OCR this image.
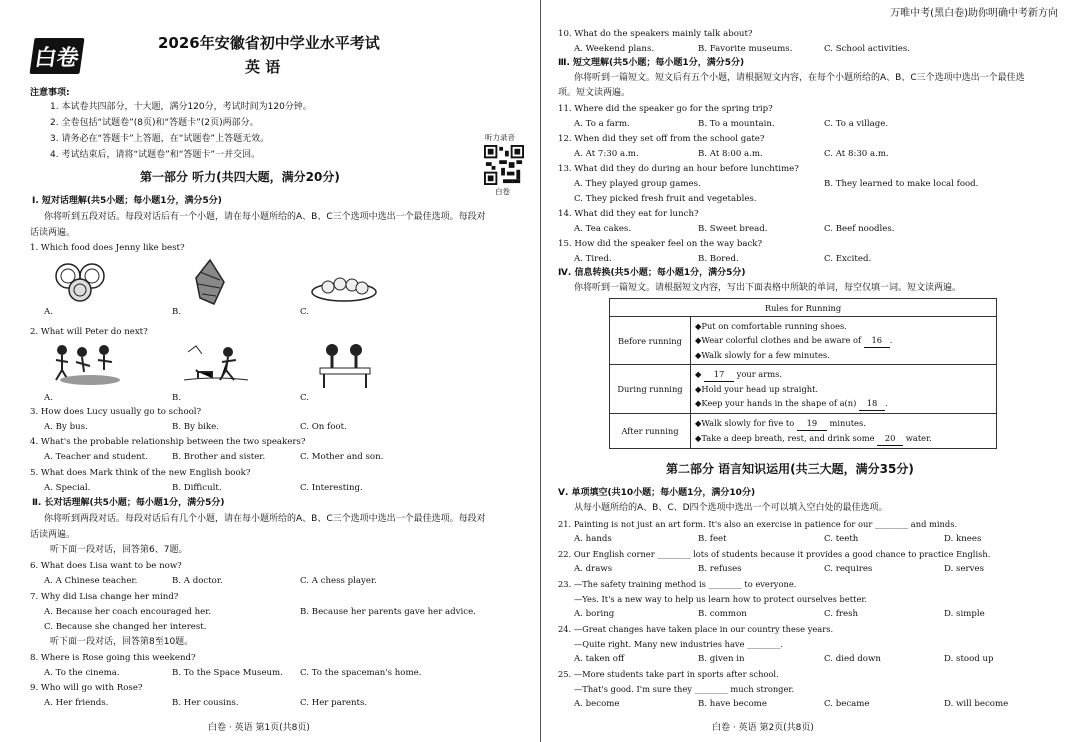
万唯中考(黑白卷)助你明确中考新方向
白卷
2026年安徽省初中学业水平考试
英 语
注意事项:
1. 本试卷共四部分，十大题，满分120分，考试时间为120分钟。
2. 全卷包括“试题卷”(8页)和“答题卡”(2页)两部分。
3. 请务必在“答题卡”上答题，在“试题卷”上答题无效。
4. 考试结束后，请将“试题卷”和“答题卡”一并交回。
听力录音
白卷
第一部分 听力(共四大题，满分20分)
Ⅰ. 短对话理解(共5小题；每小题1分，满分5分)
你将听到五段对话。每段对话后有一个小题，请在每小题所给的A、B、C三个选项中选出一个最佳选项。每段对
话读两遍。
1. Which food does Jenny like best?
A.	B.	C.
2. What will Peter do next?
A.	B.	C.
3. How does Lucy usually go to school?
A. By bus.	B. By bike.	C. On foot.
4. What's the probable relationship between the two speakers?
A. Teacher and student.	B. Brother and sister.	C. Mother and son.
5. What does Mark think of the new English book?
A. Special.	B. Difficult.	C. Interesting.
Ⅱ. 长对话理解(共5小题；每小题1分，满分5分)
你将听到两段对话。每段对话后有几个小题，请在每小题所给的A、B、C三个选项中选出一个最佳选项。每段对
话读两遍。
听下面一段对话，回答第6、7题。
6. What does Lisa want to be now?
A. A Chinese teacher.	B. A doctor.	C. A chess player.
7. Why did Lisa change her mind?
A. Because her coach encouraged her.	B. Because her parents gave her advice.
C. Because she changed her interest.
听下面一段对话，回答第8至10题。
8. Where is Rose going this weekend?
A. To the cinema.	B. To the Space Museum. C. To the spaceman's home.
9. Who will go with Rose?
A. Her friends.	B. Her cousins.	C. Her parents.
白卷 · 英语 第1页(共8页)
10. What do the speakers mainly talk about?
A. Weekend plans.	B. Favorite museums.	C. School activities.
Ⅲ. 短文理解(共5小题；每小题1分，满分5分)
你将听到一篇短文。短文后有五个小题，请根据短文内容，在每个小题所给的A、B、C三个选项中选出一个最佳选
项。短文读两遍。
11. Where did the speaker go for the spring trip?
A. To a farm.	B. To a mountain.	C. To a village.
12. When did they set off from the school gate?
A. At 7:30 a.m.	B. At 8:00 a.m.	C. At 8:30 a.m.
13. What did they do during an hour before lunchtime?
A. They played group games.	B. They learned to make local food.
C. They picked fresh fruit and vegetables.
14. What did they eat for lunch?
A. Tea cakes.	B. Sweet bread.	C. Beef noodles.
15. How did the speaker feel on the way back?
A. Tired.	B. Bored.	C. Excited.
Ⅳ. 信息转换(共5小题；每小题1分，满分5分)
你将听到一篇短文。请根据短文内容，写出下面表格中所缺的单词，每空仅填一词。短文读两遍。
Rules for Running	
Before running	◆Put on comfortable running shoes.
◆Wear colorful clothes and be aware of 16 .
◆Walk slowly for a few minutes.

During running	◆ 17 your arms.
◆Hold your head up straight.
◆Keep your hands in the shape of a(n) 18 .

After running	◆Walk slowly for five to 19 minutes.
◆Take a deep breath, rest, and drink some 20 water.
第二部分 语言知识运用(共三大题，满分35分)
Ⅴ. 单项填空(共10小题；每小题1分，满分10分)
从每小题所给的A、B、C、D四个选项中选出一个可以填入空白处的最佳选项。
21. Painting is not just an art form. It's also an exercise in patience for our ________ and minds.
A. hands	B. feet	C. teeth	D. knees
22. Our English corner ________ lots of students because it provides a good chance to practice English.
A. draws	B. refuses	C. requires	D. serves
23. —The safety training method is ________ to everyone.
—Yes. It's a new way to help us learn how to protect ourselves better.
A. boring	B. common	C. fresh	D. simple
24. —Great changes have taken place in our country these years.
—Quite right. Many new industries have ________.
A. taken off	B. given in	C. died down	D. stood up
25. —More students take part in sports after school.
—That's good. I'm sure they ________ much stronger.
A. become	B. have become	C. became	D. will become
白卷 · 英语 第2页(共8页)
